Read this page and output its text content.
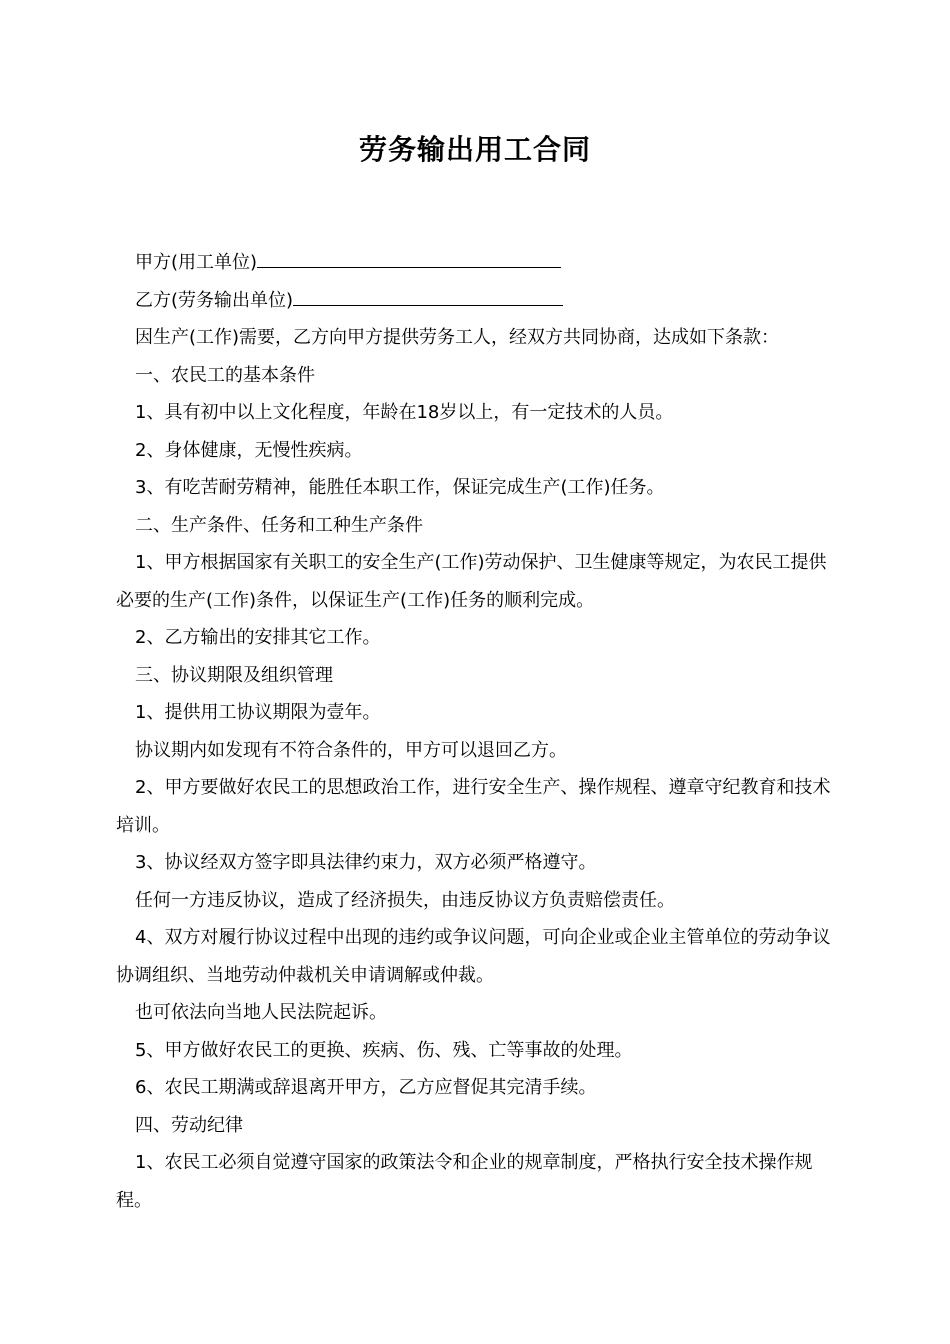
劳务输出用工合同

甲方(用工单位)

乙方(劳务输出单位)

因生产(工作)需要，乙方向甲方提供劳务工人，经双方共同协商，达成如下条款：

一、农民工的基本条件

1、具有初中以上文化程度，年龄在18岁以上，有一定技术的人员。

2、身体健康，无慢性疾病。

3、有吃苦耐劳精神，能胜任本职工作，保证完成生产(工作)任务。

二、生产条件、任务和工种生产条件

1、甲方根据国家有关职工的安全生产(工作)劳动保护、卫生健康等规定，为农民工提供必要的生产(工作)条件，以保证生产(工作)任务的顺利完成。

2、乙方输出的安排其它工作。

三、协议期限及组织管理

1、提供用工协议期限为壹年。

协议期内如发现有不符合条件的，甲方可以退回乙方。

2、甲方要做好农民工的思想政治工作，进行安全生产、操作规程、遵章守纪教育和技术培训。

3、协议经双方签字即具法律约束力，双方必须严格遵守。

任何一方违反协议，造成了经济损失，由违反协议方负责赔偿责任。

4、双方对履行协议过程中出现的违约或争议问题，可向企业或企业主管单位的劳动争议协调组织、当地劳动仲裁机关申请调解或仲裁。

也可依法向当地人民法院起诉。

5、甲方做好农民工的更换、疾病、伤、残、亡等事故的处理。

6、农民工期满或辞退离开甲方，乙方应督促其完清手续。

四、劳动纪律

1、农民工必须自觉遵守国家的政策法令和企业的规章制度，严格执行安全技术操作规程。
